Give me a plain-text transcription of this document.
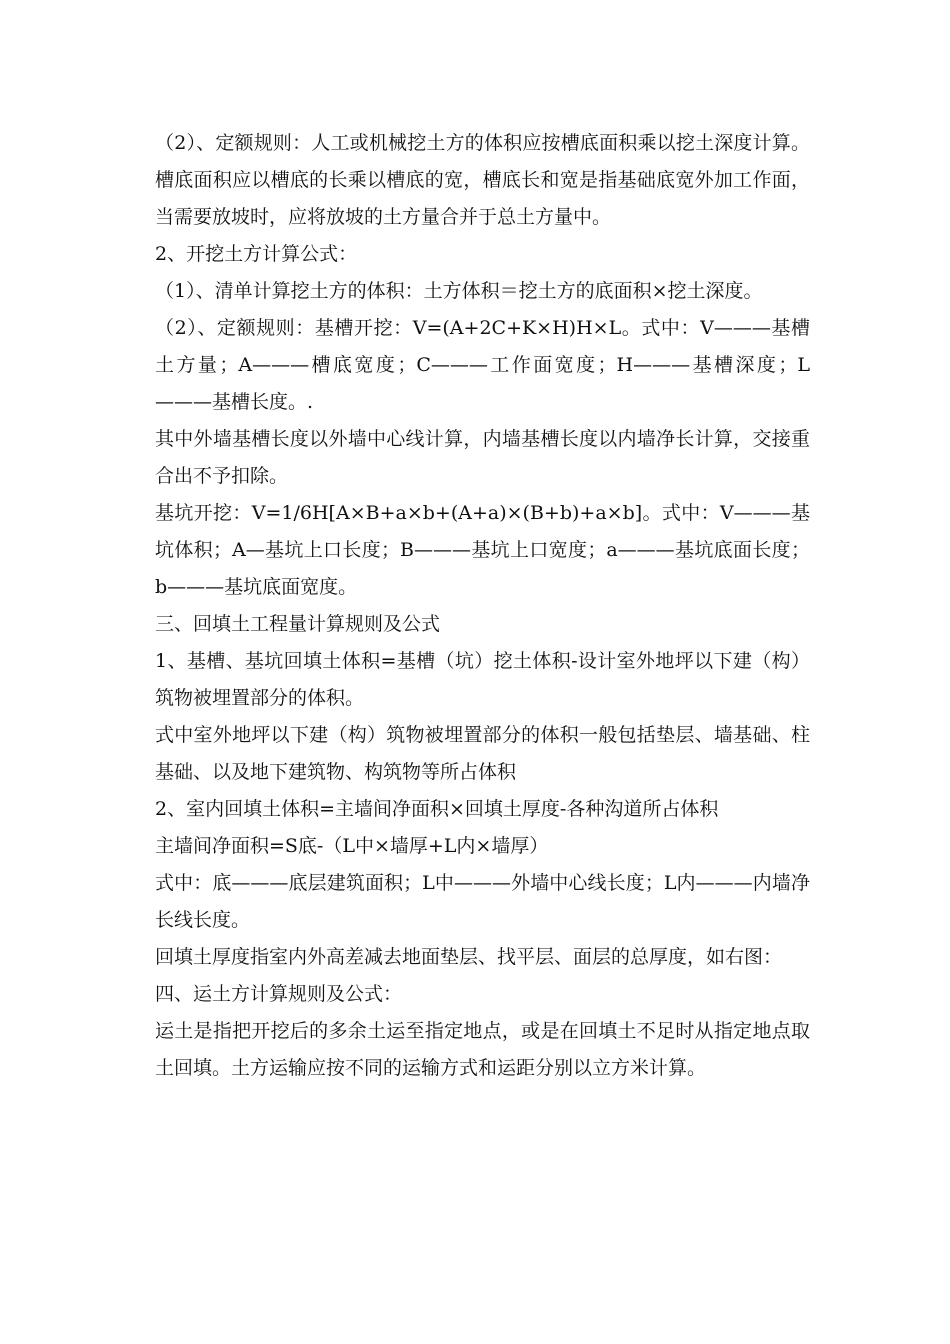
（2）、定额规则：人工或机械挖土方的体积应按槽底面积乘以挖土深度计算。槽底面积应以槽底的长乘以槽底的宽，槽底长和宽是指基础底宽外加工作面，当需要放坡时，应将放坡的土方量合并于总土方量中。

2、开挖土方计算公式：

（1）、清单计算挖土方的体积：土方体积＝挖土方的底面积×挖土深度。

（2）、定额规则：基槽开挖：V=(A+2C+K×H)H×L。式中：V———基槽土方量；A———槽底宽度；C———工作面宽度；H———基槽深度；L———基槽长度。.

其中外墙基槽长度以外墙中心线计算，内墙基槽长度以内墙净长计算，交接重合出不予扣除。

基坑开挖：V=1/6H[A×B+a×b+(A+a)×(B+b)+a×b]。式中：V———基坑体积；A—基坑上口长度；B———基坑上口宽度；a———基坑底面长度；b———基坑底面宽度。

三、回填土工程量计算规则及公式

1、基槽、基坑回填土体积=基槽（坑）挖土体积-设计室外地坪以下建（构）筑物被埋置部分的体积。

式中室外地坪以下建（构）筑物被埋置部分的体积一般包括垫层、墙基础、柱基础、以及地下建筑物、构筑物等所占体积

2、室内回填土体积=主墙间净面积×回填土厚度-各种沟道所占体积

主墙间净面积=S底-（L中×墙厚+L内×墙厚）

式中：底———底层建筑面积；L中———外墙中心线长度；L内———内墙净长线长度。

回填土厚度指室内外高差减去地面垫层、找平层、面层的总厚度，如右图：

四、运土方计算规则及公式：

运土是指把开挖后的多余土运至指定地点，或是在回填土不足时从指定地点取土回填。土方运输应按不同的运输方式和运距分别以立方米计算。
